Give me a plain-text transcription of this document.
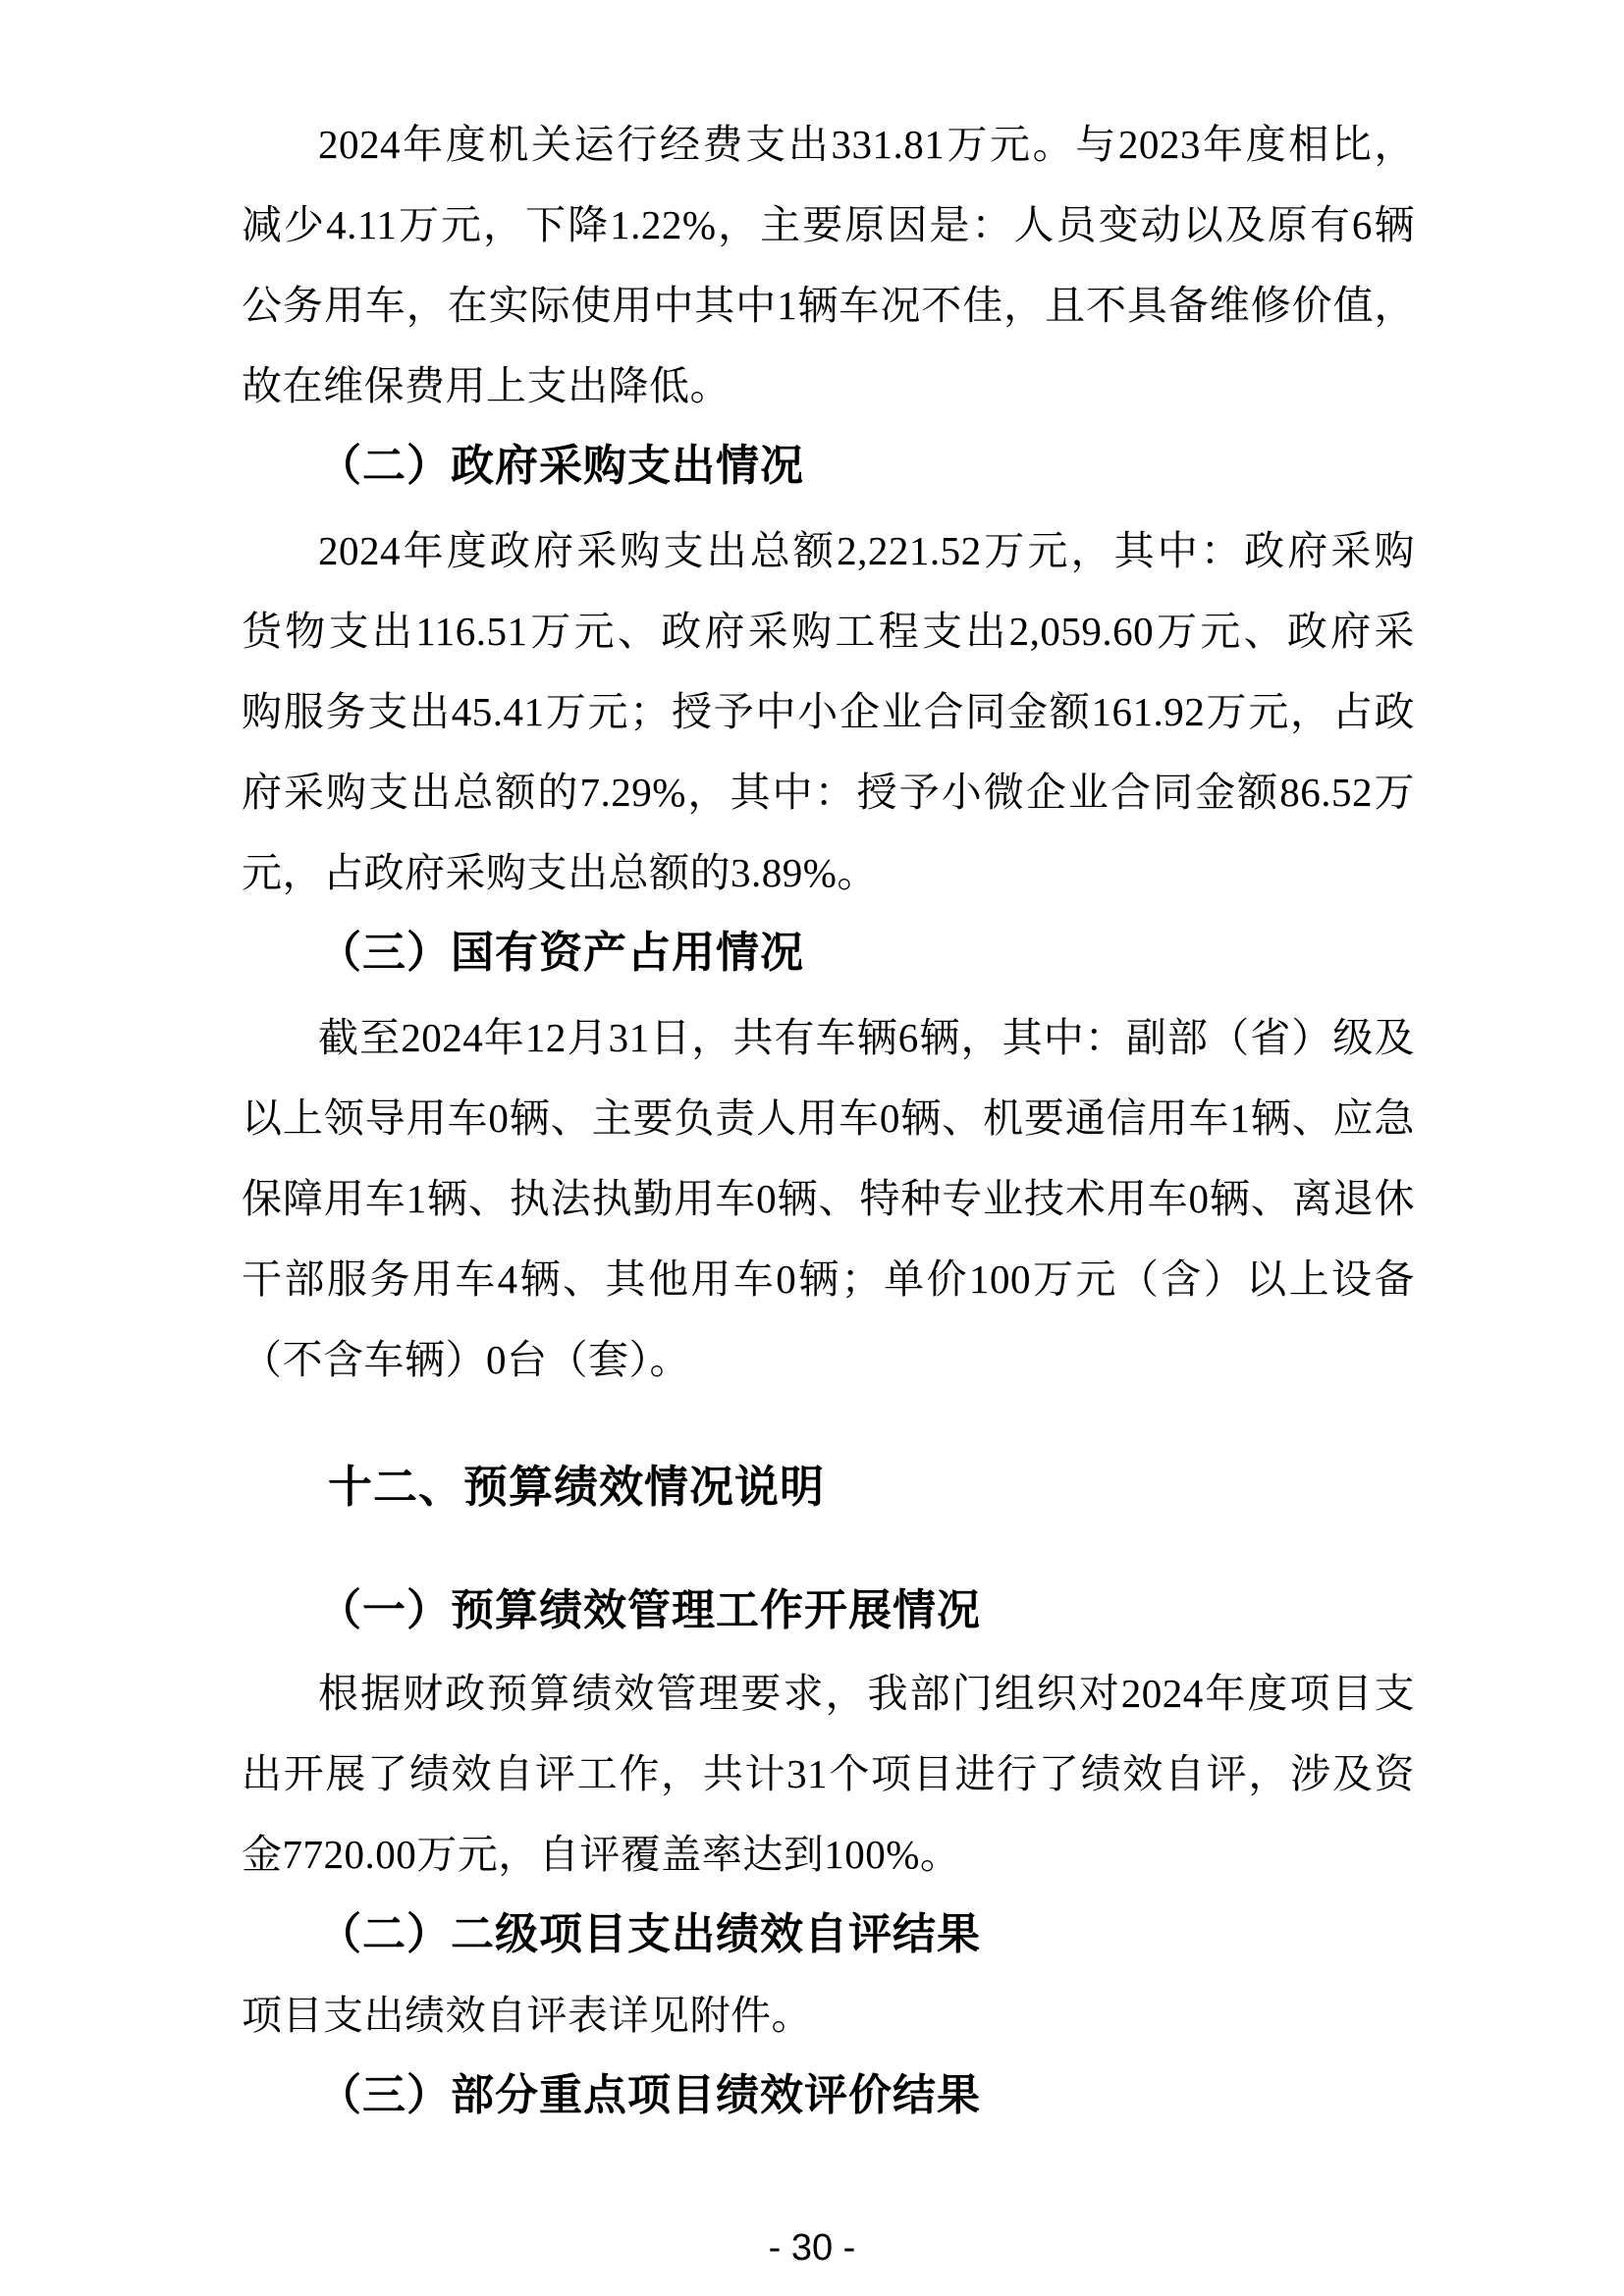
2024年度机关运行经费支出331.81万元。与2023年度相比，
减少4.11万元，下降1.22%，主要原因是：人员变动以及原有6辆
公务用车，在实际使用中其中1辆车况不佳，且不具备维修价值，
故在维保费用上支出降低。
（二）政府采购支出情况
2024年度政府采购支出总额2,221.52万元，其中：政府采购
货物支出116.51万元、政府采购工程支出2,059.60万元、政府采
购服务支出45.41万元；授予中小企业合同金额161.92万元，占政
府采购支出总额的7.29%，其中：授予小微企业合同金额86.52万
元，占政府采购支出总额的3.89%。
（三）国有资产占用情况
截至2024年12月31日，共有车辆6辆，其中：副部（省）级及
以上领导用车0辆、主要负责人用车0辆、机要通信用车1辆、应急
保障用车1辆、执法执勤用车0辆、特种专业技术用车0辆、离退休
干部服务用车4辆、其他用车0辆；单价100万元（含）以上设备
（不含车辆）0台（套）。
十二、预算绩效情况说明
（一）预算绩效管理工作开展情况
根据财政预算绩效管理要求，我部门组织对2024年度项目支
出开展了绩效自评工作，共计31个项目进行了绩效自评，涉及资
金7720.00万元，自评覆盖率达到100%。
（二）二级项目支出绩效自评结果
项目支出绩效自评表详见附件。
（三）部分重点项目绩效评价结果
- 30 -
